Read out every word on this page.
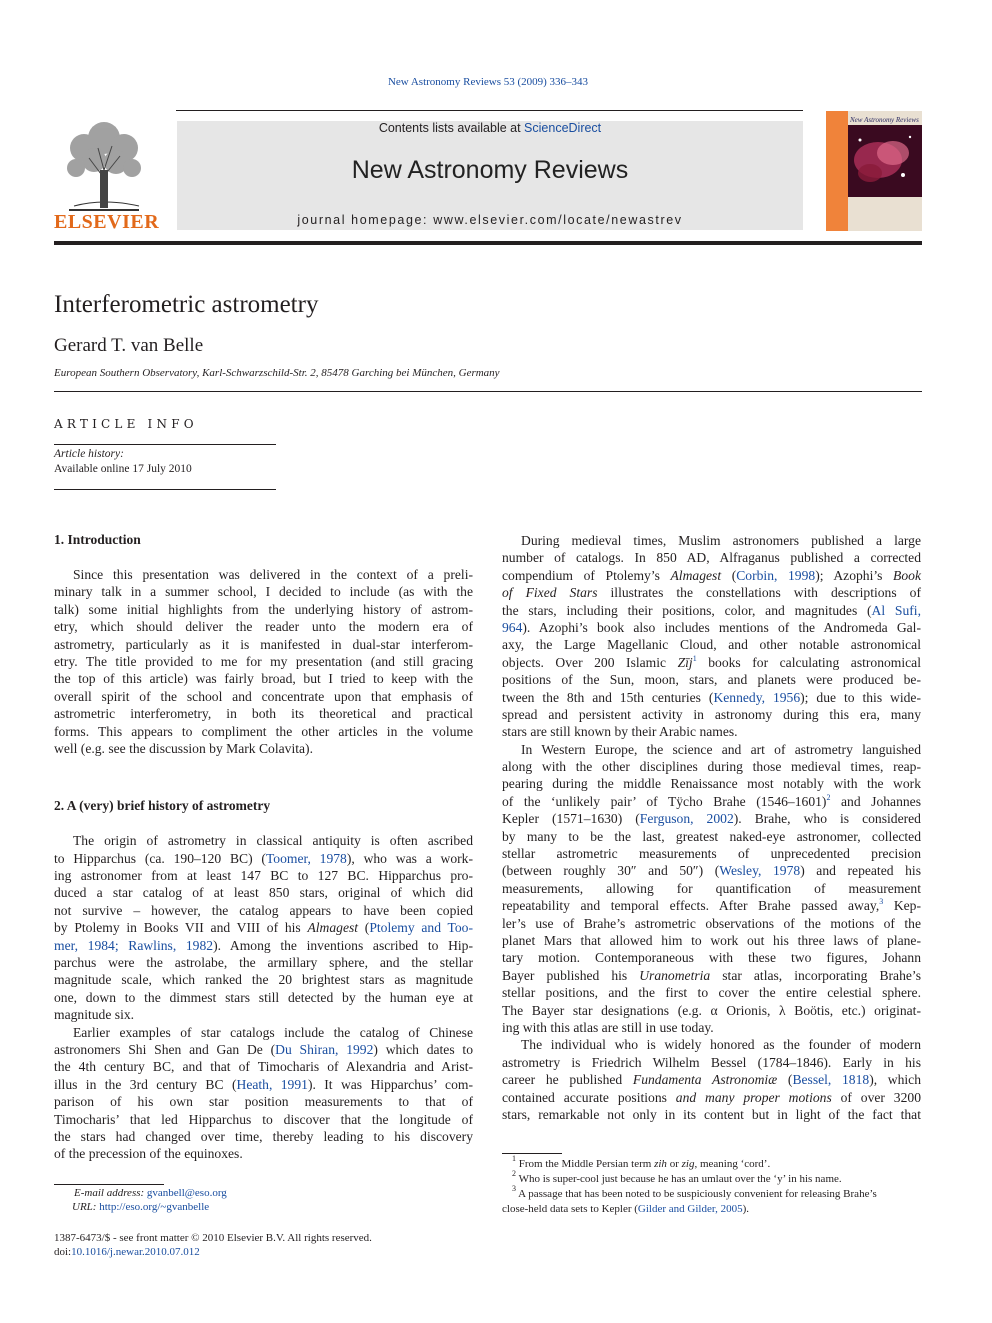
New Astronomy Reviews 53 (2009) 336–343
ELSEVIER
Contents lists available at ScienceDirect
New Astronomy Reviews
journal homepage: www.elsevier.com/locate/newastrev
New Astronomy Reviews
Interferometric astrometry
Gerard T. van Belle
European Southern Observatory, Karl-Schwarzschild-Str. 2, 85478 Garching bei München, Germany
ARTICLE INFO
Article history:
Available online 17 July 2010
1. Introduction
Since this presentation was delivered in the context of a preli-
minary talk in a summer school, I decided to include (as with the
talk) some initial highlights from the underlying history of astrom-
etry, which should deliver the reader unto the modern era of
astrometry, particularly as it is manifested in dual-star interferom-
etry. The title provided to me for my presentation (and still gracing
the top of this article) was fairly broad, but I tried to keep with the
overall spirit of the school and concentrate upon that emphasis of
astrometric interferometry, in both its theoretical and practical
forms. This appears to compliment the other articles in the volume
well (e.g. see the discussion by Mark Colavita).
2. A (very) brief history of astrometry
The origin of astrometry in classical antiquity is often ascribed
to Hipparchus (ca. 190–120 BC) (Toomer, 1978), who was a work-
ing astronomer from at least 147 BC to 127 BC. Hipparchus pro-
duced a star catalog of at least 850 stars, original of which did
not survive – however, the catalog appears to have been copied
by Ptolemy in Books VII and VIII of his Almagest (Ptolemy and Too-
mer, 1984; Rawlins, 1982). Among the inventions ascribed to Hip-
parchus were the astrolabe, the armillary sphere, and the stellar
magnitude scale, which ranked the 20 brightest stars as magnitude
one, down to the dimmest stars still detected by the human eye at
magnitude six.
Earlier examples of star catalogs include the catalog of Chinese
astronomers Shi Shen and Gan De (Du Shiran, 1992) which dates to
the 4th century BC, and that of Timocharis of Alexandria and Arist-
illus in the 3rd century BC (Heath, 1991). It was Hipparchus’ com-
parison of his own star position measurements to that of
Timocharis’ that led Hipparchus to discover that the longitude of
the stars had changed over time, thereby leading to his discovery
of the precession of the equinoxes.
During medieval times, Muslim astronomers published a large
number of catalogs. In 850 AD, Alfraganus published a corrected
compendium of Ptolemy’s Almagest (Corbin, 1998); Azophi’s Book
of Fixed Stars illustrates the constellations with descriptions of
the stars, including their positions, color, and magnitudes (Al Sufi,
964). Azophi’s book also includes mentions of the Andromeda Gal-
axy, the Large Magellanic Cloud, and other notable astronomical
objects. Over 200 Islamic Zīj$^1$ books for calculating astronomical
positions of the Sun, moon, stars, and planets were produced be-
tween the 8th and 15th centuries (Kennedy, 1956); due to this wide-
spread and persistent activity in astronomy during this era, many
stars are still known by their Arabic names.
In Western Europe, the science and art of astrometry languished
along with the other disciplines during those medieval times, reap-
pearing during the middle Renaissance most notably with the work
of the ‘unlikely pair’ of Tÿcho Brahe (1546–1601)$^2$ and Johannes
Kepler (1571–1630) (Ferguson, 2002). Brahe, who is considered
by many to be the last, greatest naked-eye astronomer, collected
stellar astrometric measurements of unprecedented precision
(between roughly 30″ and 50″) (Wesley, 1978) and repeated his
measurements, allowing for quantification of measurement
repeatability and temporal effects. After Brahe passed away,$^3$ Kep-
ler’s use of Brahe’s astrometric observations of the motions of the
planet Mars that allowed him to work out his three laws of plane-
tary motion. Contemporaneous with these two figures, Johann
Bayer published his Uranometria star atlas, incorporating Brahe’s
stellar positions, and the first to cover the entire celestial sphere.
The Bayer star designations (e.g. α Orionis, λ Boötis, etc.) originat-
ing with this atlas are still in use today.
The individual who is widely honored as the founder of modern
astrometry is Friedrich Wilhelm Bessel (1784–1846). Early in his
career he published Fundamenta Astronomiæ (Bessel, 1818), which
contained accurate positions and many proper motions of over 3200
stars, remarkable not only in its content but in light of the fact that
E-mail address: gvanbell@eso.org
URL: http://eso.org/~gvanbelle
$^1$ From the Middle Persian term zih or zig, meaning ‘cord’.
$^2$ Who is super-cool just because he has an umlaut over the ‘y’ in his name.
$^3$ A passage that has been noted to be suspiciously convenient for releasing Brahe’s
close-held data sets to Kepler (Gilder and Gilder, 2005).
1387-6473/$ - see front matter © 2010 Elsevier B.V. All rights reserved.
doi:10.1016/j.newar.2010.07.012
